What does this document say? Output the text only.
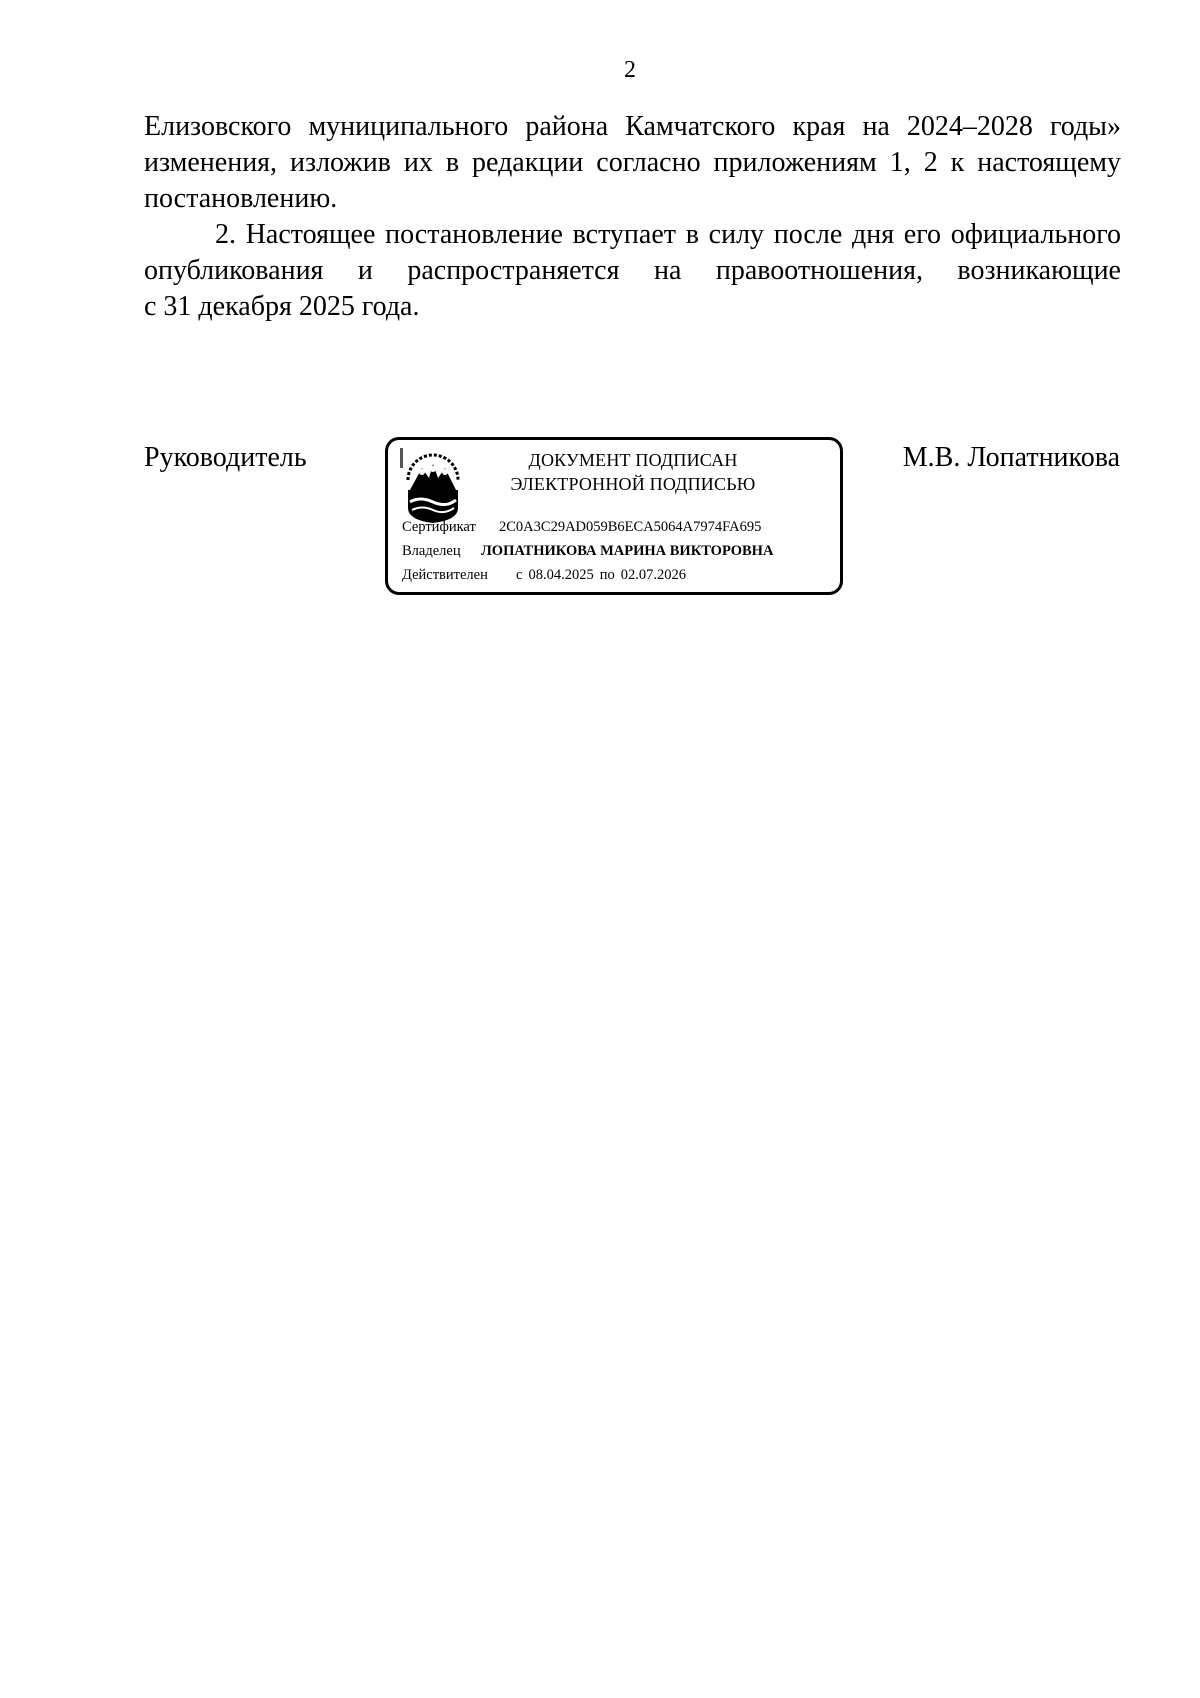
2

Елизовского муниципального района Камчатского края на 2024–2028 годы»
изменения, изложив их в редакции согласно приложениям 1, 2 к настоящему
постановлению.

2. Настоящее постановление вступает в силу после дня его официального
опубликования и распространяется на правоотношения, возникающие
с 31 декабря 2025 года.

Руководитель	М.В. Лопатникова
ДОКУМЕНТ ПОДПИСАН
ЭЛЕКТРОННОЙ ПОДПИСЬЮ
Сертификат 2C0A3C29AD059B6ECA5064A7974FA695
Владелец ЛОПАТНИКОВА МАРИНА ВИКТОРОВНА
Действителен с 08.04.2025 по 02.07.2026
